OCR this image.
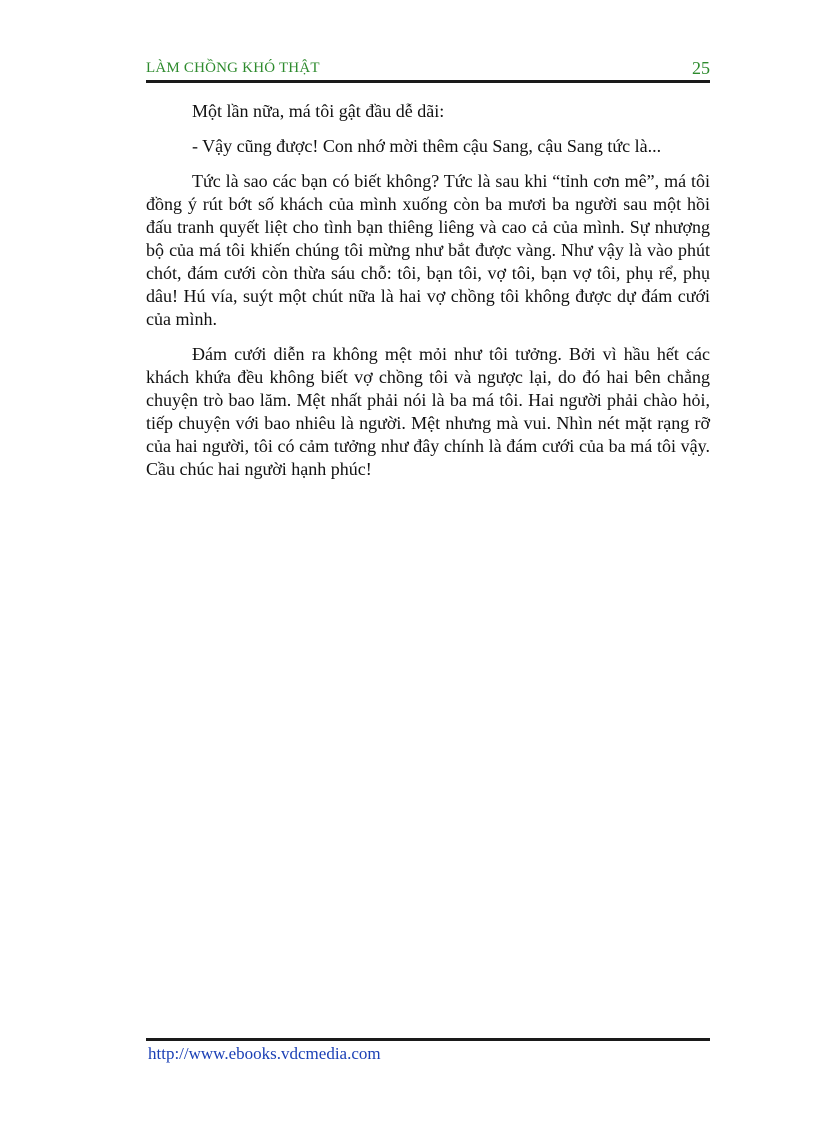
LÀM CHỒNG KHÓ THẬT	25

Một lần nữa, má tôi gật đầu dễ dãi:

- Vậy cũng được! Con nhớ mời thêm cậu Sang, cậu Sang tức là...

Tức là sao các bạn có biết không? Tức là sau khi “tỉnh cơn mê”, má tôi đồng ý rút bớt số khách của mình xuống còn ba mươi ba người sau một hồi đấu tranh quyết liệt cho tình bạn thiêng liêng và cao cả của mình. Sự nhượng bộ của má tôi khiến chúng tôi mừng như bắt được vàng. Như vậy là vào phút chót, đám cưới còn thừa sáu chỗ: tôi, bạn tôi, vợ tôi, bạn vợ tôi, phụ rể, phụ dâu! Hú vía, suýt một chút nữa là hai vợ chồng tôi không được dự đám cưới của mình.

Đám cưới diễn ra không mệt mỏi như tôi tưởng. Bởi vì hầu hết các khách khứa đều không biết vợ chồng tôi và ngược lại, do đó hai bên chẳng chuyện trò bao lăm. Mệt nhất phải nói là ba má tôi. Hai người phải chào hỏi, tiếp chuyện với bao nhiêu là người. Mệt nhưng mà vui. Nhìn nét mặt rạng rỡ của hai người, tôi có cảm tưởng như đây chính là đám cưới của ba má tôi vậy. Cầu chúc hai người hạnh phúc!

http://www.ebooks.vdcmedia.com
